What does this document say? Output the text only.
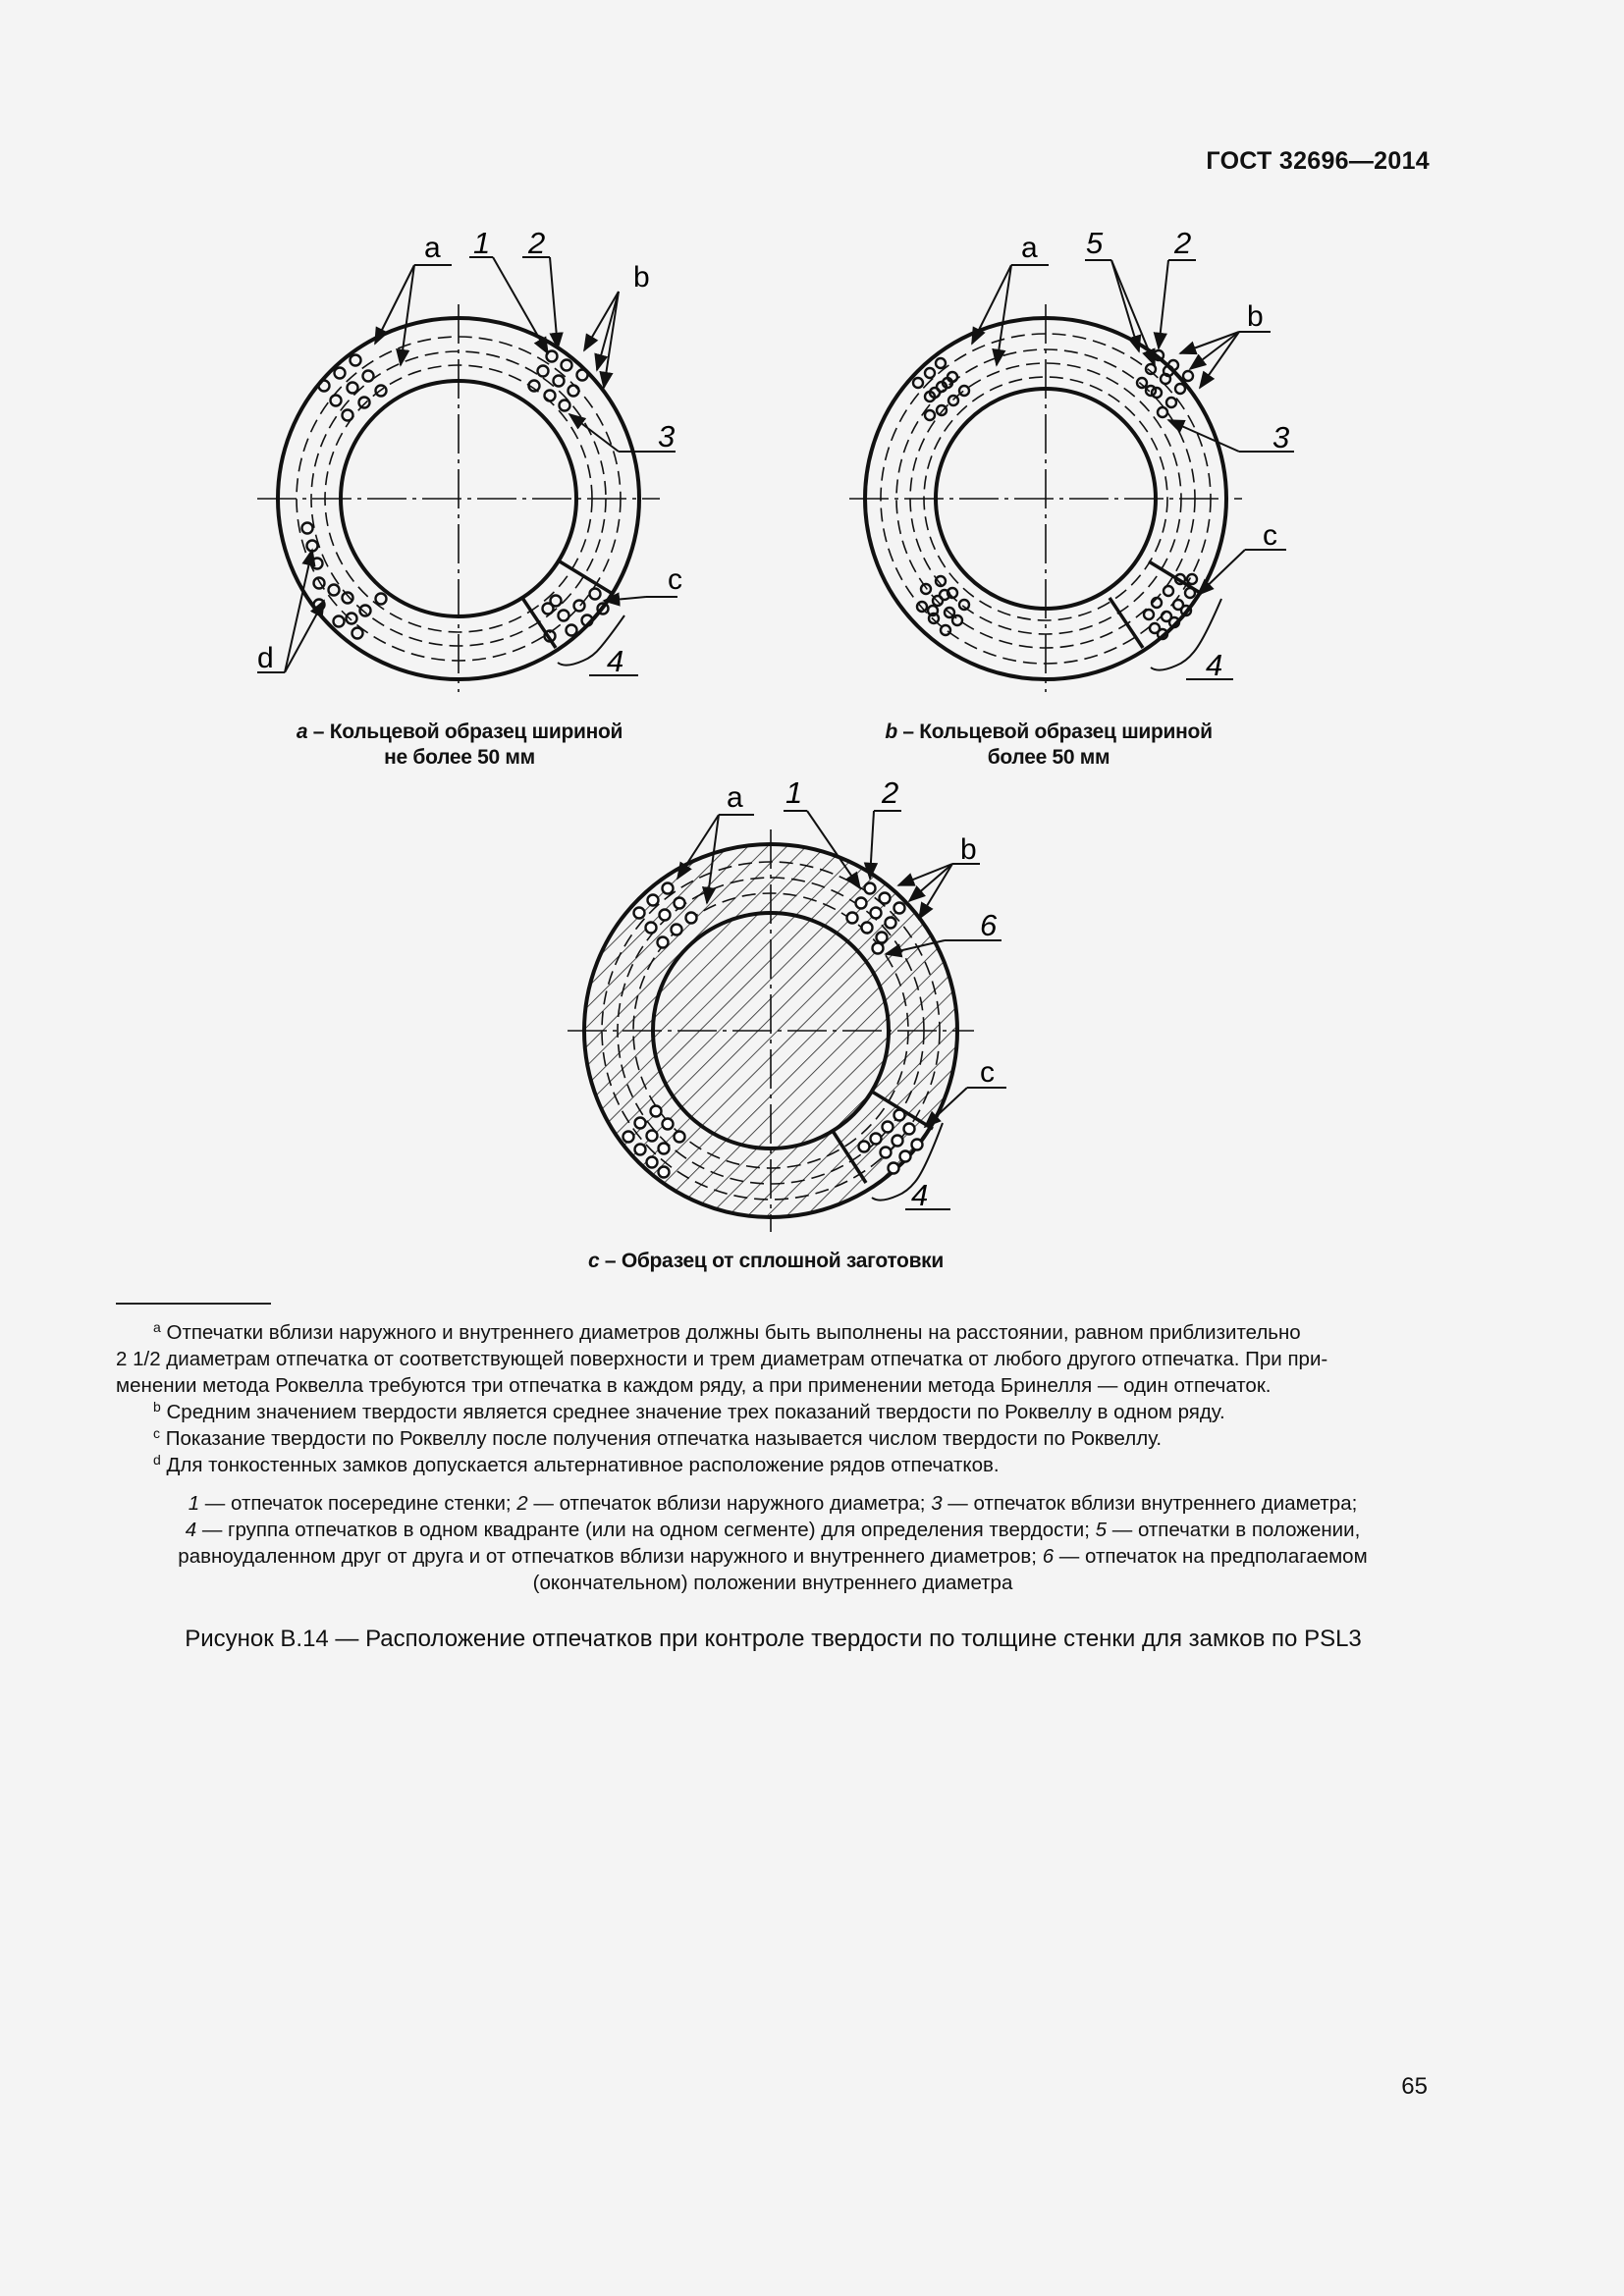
ГОСТ 32696—2014
a 1 2
b
3
c
d	4
a 5 2
b
3
c
4
a 1	2
b
6
c
4
a – Кольцевой образец шириной
не более 50 мм
b – Кольцевой образец шириной
более 50 мм
c – Образец от сплошной заготовки
$^a$ Отпечатки вблизи наружного и внутреннего диаметров должны быть выполнены на расстоянии, равном приблизительно
2 1/2 диаметрам отпечатка от соответствующей поверхности и трем диаметрам отпечатка от любого другого отпечатка. При при-
менении метода Роквелла требуются три отпечатка в каждом ряду, а при применении метода Бринелля — один отпечаток.
$^b$ Средним значением твердости является среднее значение трех показаний твердости по Роквеллу в одном ряду.
$^c$ Показание твердости по Роквеллу после получения отпечатка называется числом твердости по Роквеллу.
$^d$ Для тонкостенных замков допускается альтернативное расположение рядов отпечатков.
1 — отпечаток посередине стенки; 2 — отпечаток вблизи наружного диаметра; 3 — отпечаток вблизи внутреннего диаметра;
4 — группа отпечатков в одном квадранте (или на одном сегменте) для определения твердости; 5 — отпечатки в положении,
равноудаленном друг от друга и от отпечатков вблизи наружного и внутреннего диаметров; 6 — отпечаток на предполагаемом
(окончательном) положении внутреннего диаметра
Рисунок В.14 — Расположение отпечатков при контроле твердости по толщине стенки для замков по PSL3
65
